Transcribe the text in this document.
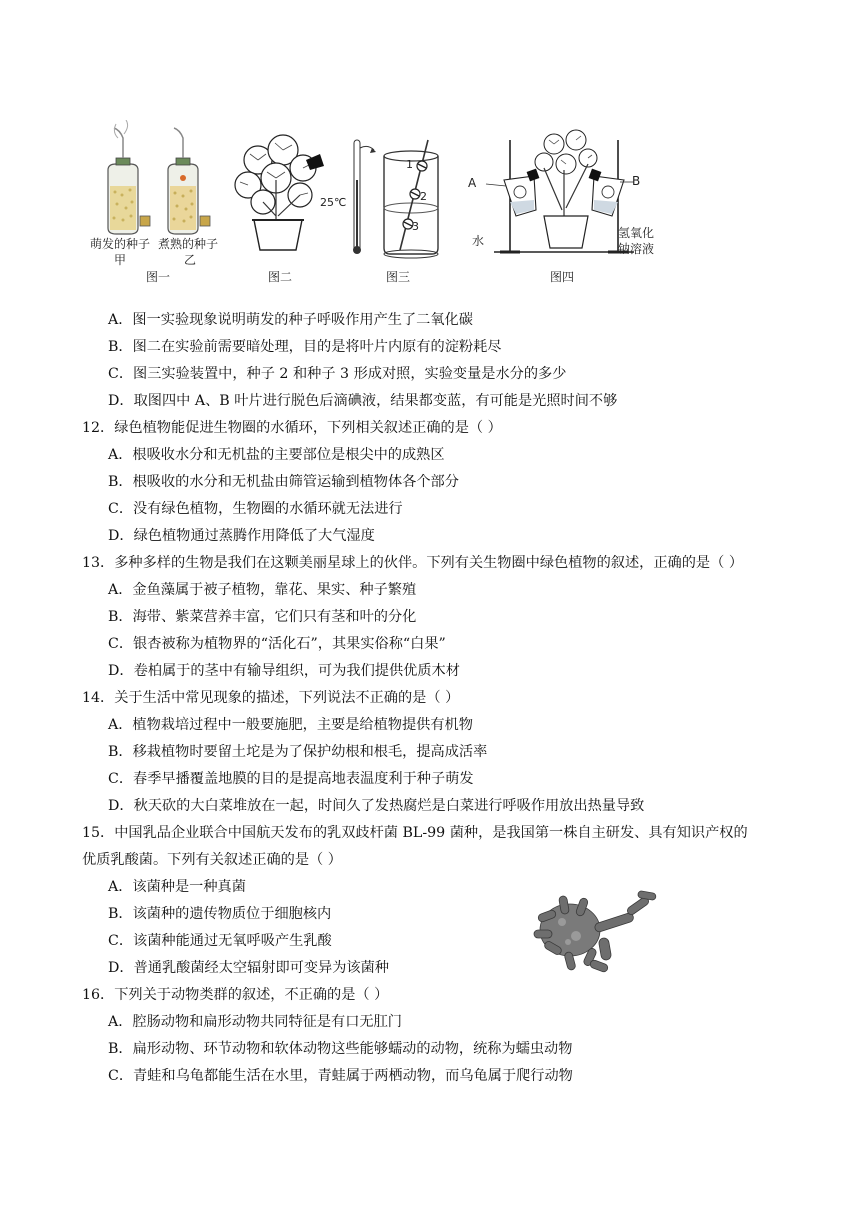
萌发的种子 煮熟的种子
甲	乙
图一	图二
25℃
1
2
3
图三
A	B
水
氢氧化
钠溶液
图四
A．图一实验现象说明萌发的种子呼吸作用产生了二氧化碳
B．图二在实验前需要暗处理，目的是将叶片内原有的淀粉耗尽
C．图三实验装置中，种子 2 和种子 3 形成对照，实验变量是水分的多少
D．取图四中 A、B 叶片进行脱色后滴碘液，结果都变蓝，有可能是光照时间不够
12．绿色植物能促进生物圈的水循环，下列相关叙述正确的是（ ）
A．根吸收水分和无机盐的主要部位是根尖中的成熟区
B．根吸收的水分和无机盐由筛管运输到植物体各个部分
C．没有绿色植物，生物圈的水循环就无法进行
D．绿色植物通过蒸腾作用降低了大气湿度
13．多种多样的生物是我们在这颗美丽星球上的伙伴。下列有关生物圈中绿色植物的叙述，正确的是（ ）
A．金鱼藻属于被子植物，靠花、果实、种子繁殖
B．海带、紫菜营养丰富，它们只有茎和叶的分化
C．银杏被称为植物界的“活化石”，其果实俗称“白果”
D．卷柏属于的茎中有输导组织，可为我们提供优质木材
14．关于生活中常见现象的描述，下列说法不正确的是（ ）
A．植物栽培过程中一般要施肥，主要是给植物提供有机物
B．移栽植物时要留土坨是为了保护幼根和根毛，提高成活率
C．春季早播覆盖地膜的目的是提高地表温度利于种子萌发
D．秋天砍的大白菜堆放在一起，时间久了发热腐烂是白菜进行呼吸作用放出热量导致
15．中国乳品企业联合中国航天发布的乳双歧杆菌 BL-99 菌种，是我国第一株自主研发、具有知识产权的
优质乳酸菌。下列有关叙述正确的是（ ）
A．该菌种是一种真菌
B．该菌种的遗传物质位于细胞核内
C．该菌种能通过无氧呼吸产生乳酸
D．普通乳酸菌经太空辐射即可变异为该菌种
16．下列关于动物类群的叙述，不正确的是（ ）
A．腔肠动物和扁形动物共同特征是有口无肛门
B．扁形动物、环节动物和软体动物这些能够蠕动的动物，统称为蠕虫动物
C．青蛙和乌龟都能生活在水里，青蛙属于两栖动物，而乌龟属于爬行动物
